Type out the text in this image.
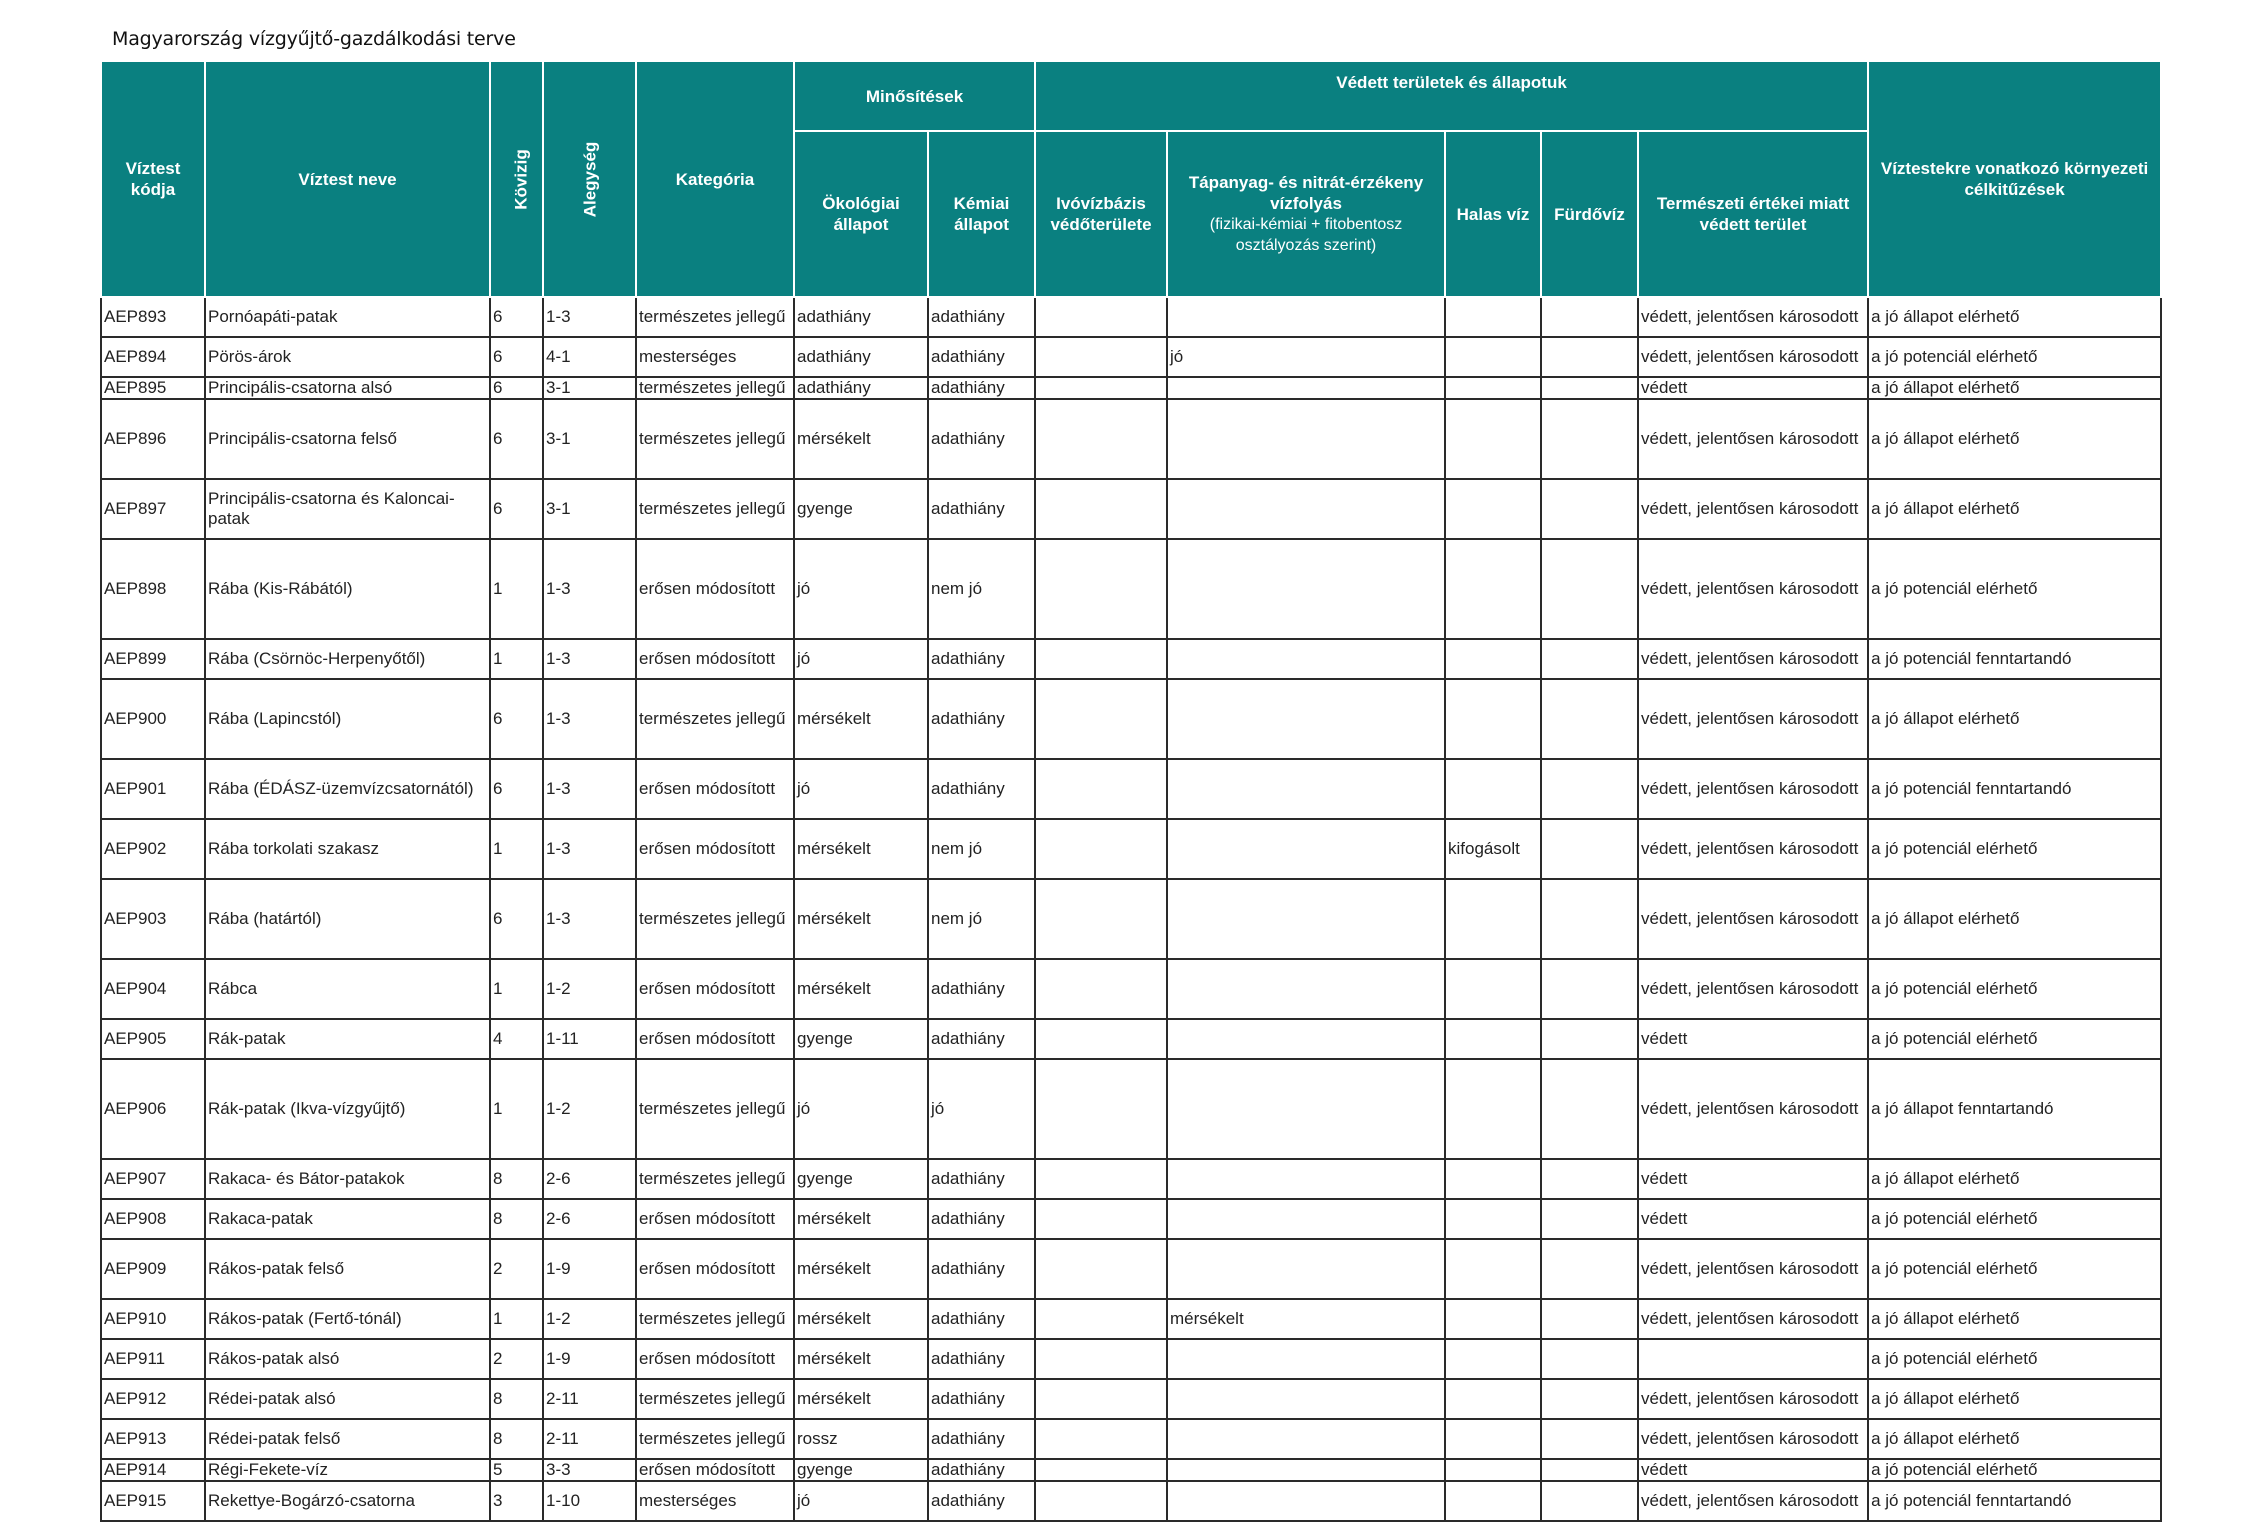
Magyarország vízgyűjtő-gazdálkodási terve
Víztest kódja	Víztest neve	Kövizig	Alegység	Kategória	Minősítések		Védett területek és állapotuk					Víztestekre vonatkozó környezeti célkitűzések
					Ökológiai állapot	Kémiai állapot	Ivóvízbázis védőterülete	Tápanyag- és nitrát-érzékeny vízfolyás
(fizikai-kémiai + fitobentosz osztályozás szerint)	Halas víz	Fürdővíz	Természeti értékei miatt védett terület	
AEP893	Pornóapáti-patak	6	1-3	természetes jellegű	adathiány	adathiány					védett, jelentősen károsodott	a jó állapot elérhető
AEP894	Pörös-árok	6	4-1	mesterséges	adathiány	adathiány		jó			védett, jelentősen károsodott	a jó potenciál elérhető
AEP895	Principális-csatorna alsó	6	3-1	természetes jellegű	adathiány	adathiány					védett	a jó állapot elérhető
AEP896	Principális-csatorna felső	6	3-1	természetes jellegű	mérsékelt	adathiány					védett, jelentősen károsodott	a jó állapot elérhető
AEP897	Principális-csatorna és Kaloncai-patak	6	3-1	természetes jellegű	gyenge	adathiány					védett, jelentősen károsodott	a jó állapot elérhető
AEP898	Rába (Kis-Rábától)	1	1-3	erősen módosított	jó	nem jó					védett, jelentősen károsodott	a jó potenciál elérhető
AEP899	Rába (Csörnöc-Herpenyőtől)	1	1-3	erősen módosított	jó	adathiány					védett, jelentősen károsodott	a jó potenciál fenntartandó
AEP900	Rába (Lapincstól)	6	1-3	természetes jellegű	mérsékelt	adathiány					védett, jelentősen károsodott	a jó állapot elérhető
AEP901	Rába (ÉDÁSZ-üzemvízcsatornától)	6	1-3	erősen módosított	jó	adathiány					védett, jelentősen károsodott	a jó potenciál fenntartandó
AEP902	Rába torkolati szakasz	1	1-3	erősen módosított	mérsékelt	nem jó			kifogásolt		védett, jelentősen károsodott	a jó potenciál elérhető
AEP903	Rába (határtól)	6	1-3	természetes jellegű	mérsékelt	nem jó					védett, jelentősen károsodott	a jó állapot elérhető
AEP904	Rábca	1	1-2	erősen módosított	mérsékelt	adathiány					védett, jelentősen károsodott	a jó potenciál elérhető
AEP905	Rák-patak	4	1-11	erősen módosított	gyenge	adathiány					védett	a jó potenciál elérhető
AEP906	Rák-patak (Ikva-vízgyűjtő)	1	1-2	természetes jellegű	jó	jó					védett, jelentősen károsodott	a jó állapot fenntartandó
AEP907	Rakaca- és Bátor-patakok	8	2-6	természetes jellegű	gyenge	adathiány					védett	a jó állapot elérhető
AEP908	Rakaca-patak	8	2-6	erősen módosított	mérsékelt	adathiány					védett	a jó potenciál elérhető
AEP909	Rákos-patak felső	2	1-9	erősen módosított	mérsékelt	adathiány					védett, jelentősen károsodott	a jó potenciál elérhető
AEP910	Rákos-patak (Fertő-tónál)	1	1-2	természetes jellegű	mérsékelt	adathiány		mérsékelt			védett, jelentősen károsodott	a jó állapot elérhető
AEP911	Rákos-patak alsó	2	1-9	erősen módosított	mérsékelt	adathiány						a jó potenciál elérhető
AEP912	Rédei-patak alsó	8	2-11	természetes jellegű	mérsékelt	adathiány					védett, jelentősen károsodott	a jó állapot elérhető
AEP913	Rédei-patak felső	8	2-11	természetes jellegű	rossz	adathiány					védett, jelentősen károsodott	a jó állapot elérhető
AEP914	Régi-Fekete-víz	5	3-3	erősen módosított	gyenge	adathiány					védett	a jó potenciál elérhető
AEP915	Rekettye-Bogárzó-csatorna	3	1-10	mesterséges	jó	adathiány					védett, jelentősen károsodott	a jó potenciál fenntartandó
